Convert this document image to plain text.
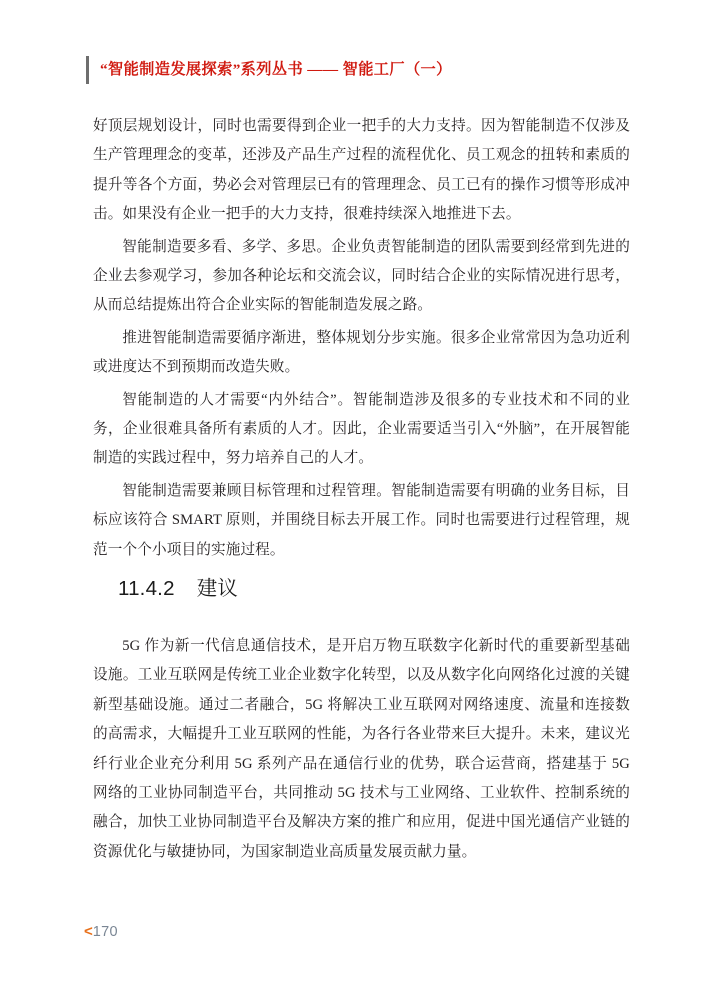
“智能制造发展探索”系列丛书 —— 智能工厂（一）

好顶层规划设计，同时也需要得到企业一把手的大力支持。因为智能制造不仅涉及生产管理理念的变革，还涉及产品生产过程的流程优化、员工观念的扭转和素质的提升等各个方面，势必会对管理层已有的管理理念、员工已有的操作习惯等形成冲击。如果没有企业一把手的大力支持，很难持续深入地推进下去。

智能制造要多看、多学、多思。企业负责智能制造的团队需要到经常到先进的企业去参观学习，参加各种论坛和交流会议，同时结合企业的实际情况进行思考，从而总结提炼出符合企业实际的智能制造发展之路。

推进智能制造需要循序渐进，整体规划分步实施。很多企业常常因为急功近利或进度达不到预期而改造失败。

智能制造的人才需要“内外结合”。智能制造涉及很多的专业技术和不同的业务，企业很难具备所有素质的人才。因此，企业需要适当引入“外脑”，在开展智能制造的实践过程中，努力培养自己的人才。

智能制造需要兼顾目标管理和过程管理。智能制造需要有明确的业务目标，目标应该符合 SMART 原则，并围绕目标去开展工作。同时也需要进行过程管理，规范一个个小项目的实施过程。

11.4.2 建议

5G 作为新一代信息通信技术，是开启万物互联数字化新时代的重要新型基础设施。工业互联网是传统工业企业数字化转型，以及从数字化向网络化过渡的关键新型基础设施。通过二者融合，5G 将解决工业互联网对网络速度、流量和连接数的高需求，大幅提升工业互联网的性能，为各行各业带来巨大提升。未来，建议光纤行业企业充分利用 5G 系列产品在通信行业的优势，联合运营商，搭建基于 5G 网络的工业协同制造平台，共同推动 5G 技术与工业网络、工业软件、控制系统的融合，加快工业协同制造平台及解决方案的推广和应用，促进中国光通信产业链的资源优化与敏捷协同，为国家制造业高质量发展贡献力量。

< 170
